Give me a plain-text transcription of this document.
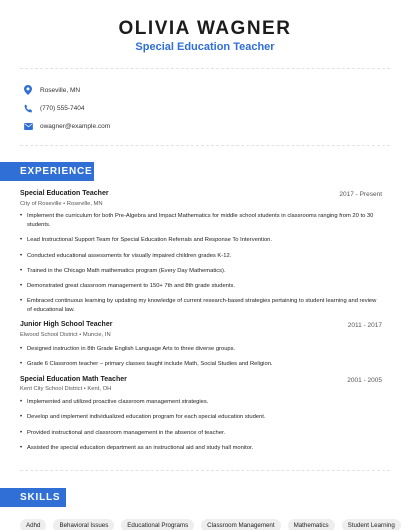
OLIVIA WAGNER
Special Education Teacher
Roseville, MN
(770) 555-7404
owagner@example.com
EXPERIENCE
Special Education Teacher	2017 - Present
City of Roseville • Roseville, MN
• Implement the curriculum for both Pre-Algebra and Impact Mathematics for middle school students in classrooms ranging from 20 to 30 students.
• Lead Instructional Support Team for Special Education Referrals and Response To Intervention.
• Conducted educational assessments for visually impaired children grades K-12.
• Trained in the Chicago Math mathematics program (Every Day Mathematics).
• Demonstrated great classroom management to 150+ 7th and 8th grade students.
• Embraced continuous learning by updating my knowledge of current research-based strategies pertaining to student learning and review of educational law.
Junior High School Teacher	2011 - 2017
Elwood School District • Muncie, IN
• Designed instruction in 8th Grade English Language Arts to three diverse groups.
• Grade 6 Classroom teacher – primary classes taught include Math, Social Studies and Religion.
Special Education Math Teacher	2001 - 2005
Kent City School District • Kent, OH
• Implemented and utilized proactive classroom management strategies.
• Develop and implement individualized education program for each special education student.
• Provided instructional and classroom management in the absence of teacher.
• Assisted the special education department as an instructional aid and study hall monitor.
SKILLS
Adhd	Behavioral Issues	Educational Programs	Classroom Management	Mathematics	Student Learning
